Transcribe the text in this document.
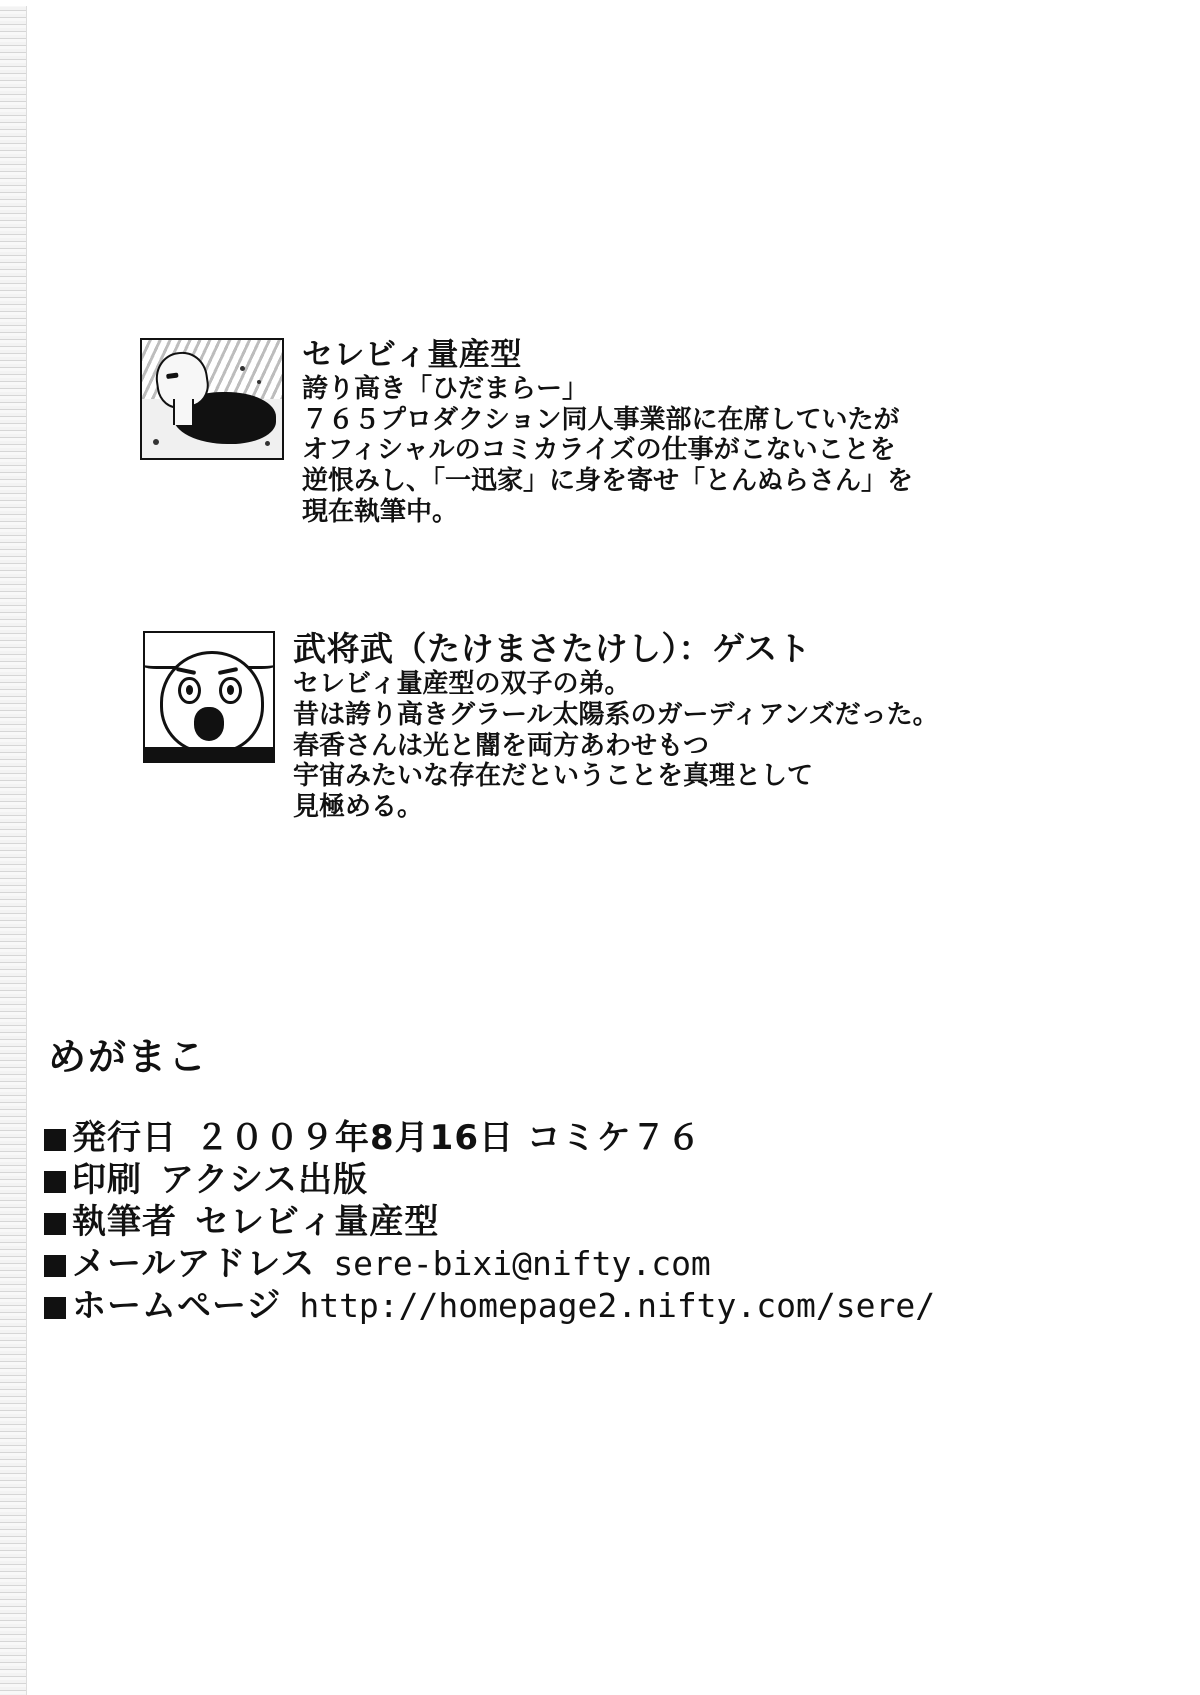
セレビィ量産型
誇り高き「ひだまらー」
７６５プロダクション同人事業部に在席していたが
オフィシャルのコミカライズの仕事がこないことを
逆恨みし、「一迅家」に身を寄せ「とんぬらさん」を
現在執筆中。
武将武（たけまさたけし）：ゲスト
セレビィ量産型の双子の弟。
昔は誇り高きグラール太陽系のガーディアンズだった。
春香さんは光と闇を両方あわせもつ
宇宙みたいな存在だということを真理として
見極める。
めがまこ
発行日 ２００９年8月16日 コミケ７６
印刷 アクシス出版
執筆者 セレビィ量産型
メールアドレス sere-bixi@nifty.com
ホームページ http://homepage2.nifty.com/sere/
